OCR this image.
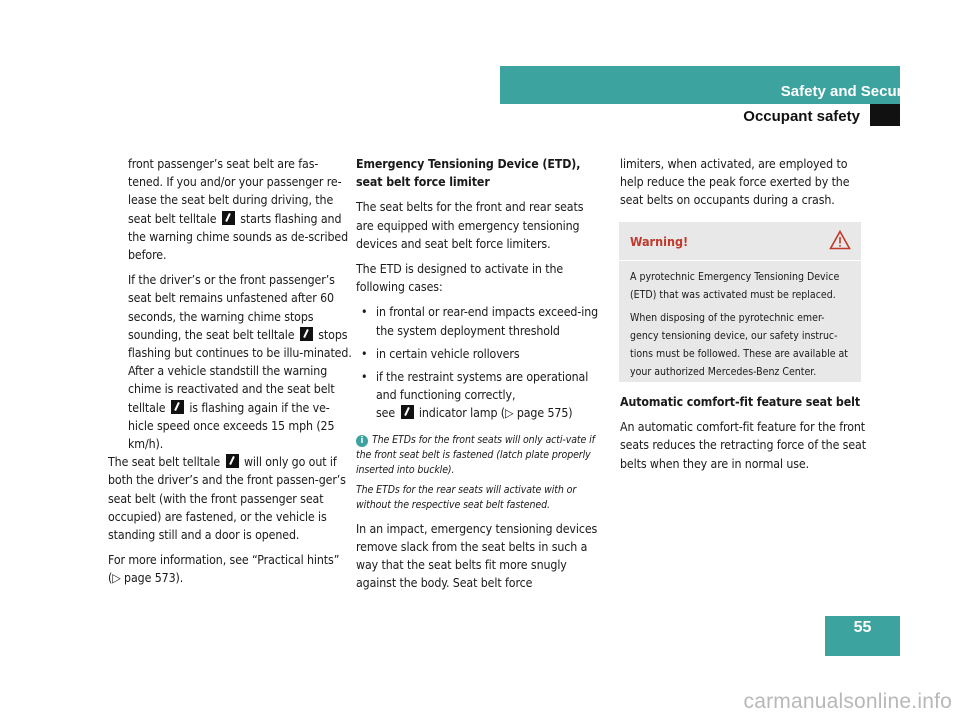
Safety and Security
Occupant safety

front passenger’s seat belt are fas-tened. If you and/or your passenger re-lease the seat belt during driving, the seat belt telltale  starts flashing and the warning chime sounds as de-scribed before.

If the driver’s or the front passenger’s seat belt remains unfastened after 60 seconds, the warning chime stops sounding, the seat belt telltale  stops flashing but continues to be illu-minated.
After a vehicle standstill the warning chime is reactivated and the seat belt telltale  is flashing again if the ve-hicle speed once exceeds 15 mph (25 km/h).

The seat belt telltale  will only go out if both the driver’s and the front passen-ger’s seat belt (with the front passenger seat occupied) are fastened, or the vehicle is standing still and a door is opened.

For more information, see “Practical hints” (▷ page 573).

Emergency Tensioning Device (ETD), seat belt force limiter

The seat belts for the front and rear seats are equipped with emergency tensioning devices and seat belt force limiters.

The ETD is designed to activate in the following cases:

• in frontal or rear-end impacts exceed-ing the system deployment threshold
• in certain vehicle rollovers
• if the restraint systems are operational and functioning correctly,
see  indicator lamp (▷ page 575)

i The ETDs for the front seats will only acti-vate if the front seat belt is fastened (latch plate properly inserted into buckle).

The ETDs for the rear seats will activate with or without the respective seat belt fastened.

In an impact, emergency tensioning devices remove slack from the seat belts in such a way that the seat belts fit more snugly against the body. Seat belt force

limiters, when activated, are employed to help reduce the peak force exerted by the seat belts on occupants during a crash.

Warning!

A pyrotechnic Emergency Tensioning Device (ETD) that was activated must be replaced.

When disposing of the pyrotechnic emer-gency tensioning device, our safety instruc-tions must be followed. These are available at your authorized Mercedes-Benz Center.

Automatic comfort-fit feature seat belt

An automatic comfort-fit feature for the front seats reduces the retracting force of the seat belts when they are in normal use.

55
carmanualsonline.info
